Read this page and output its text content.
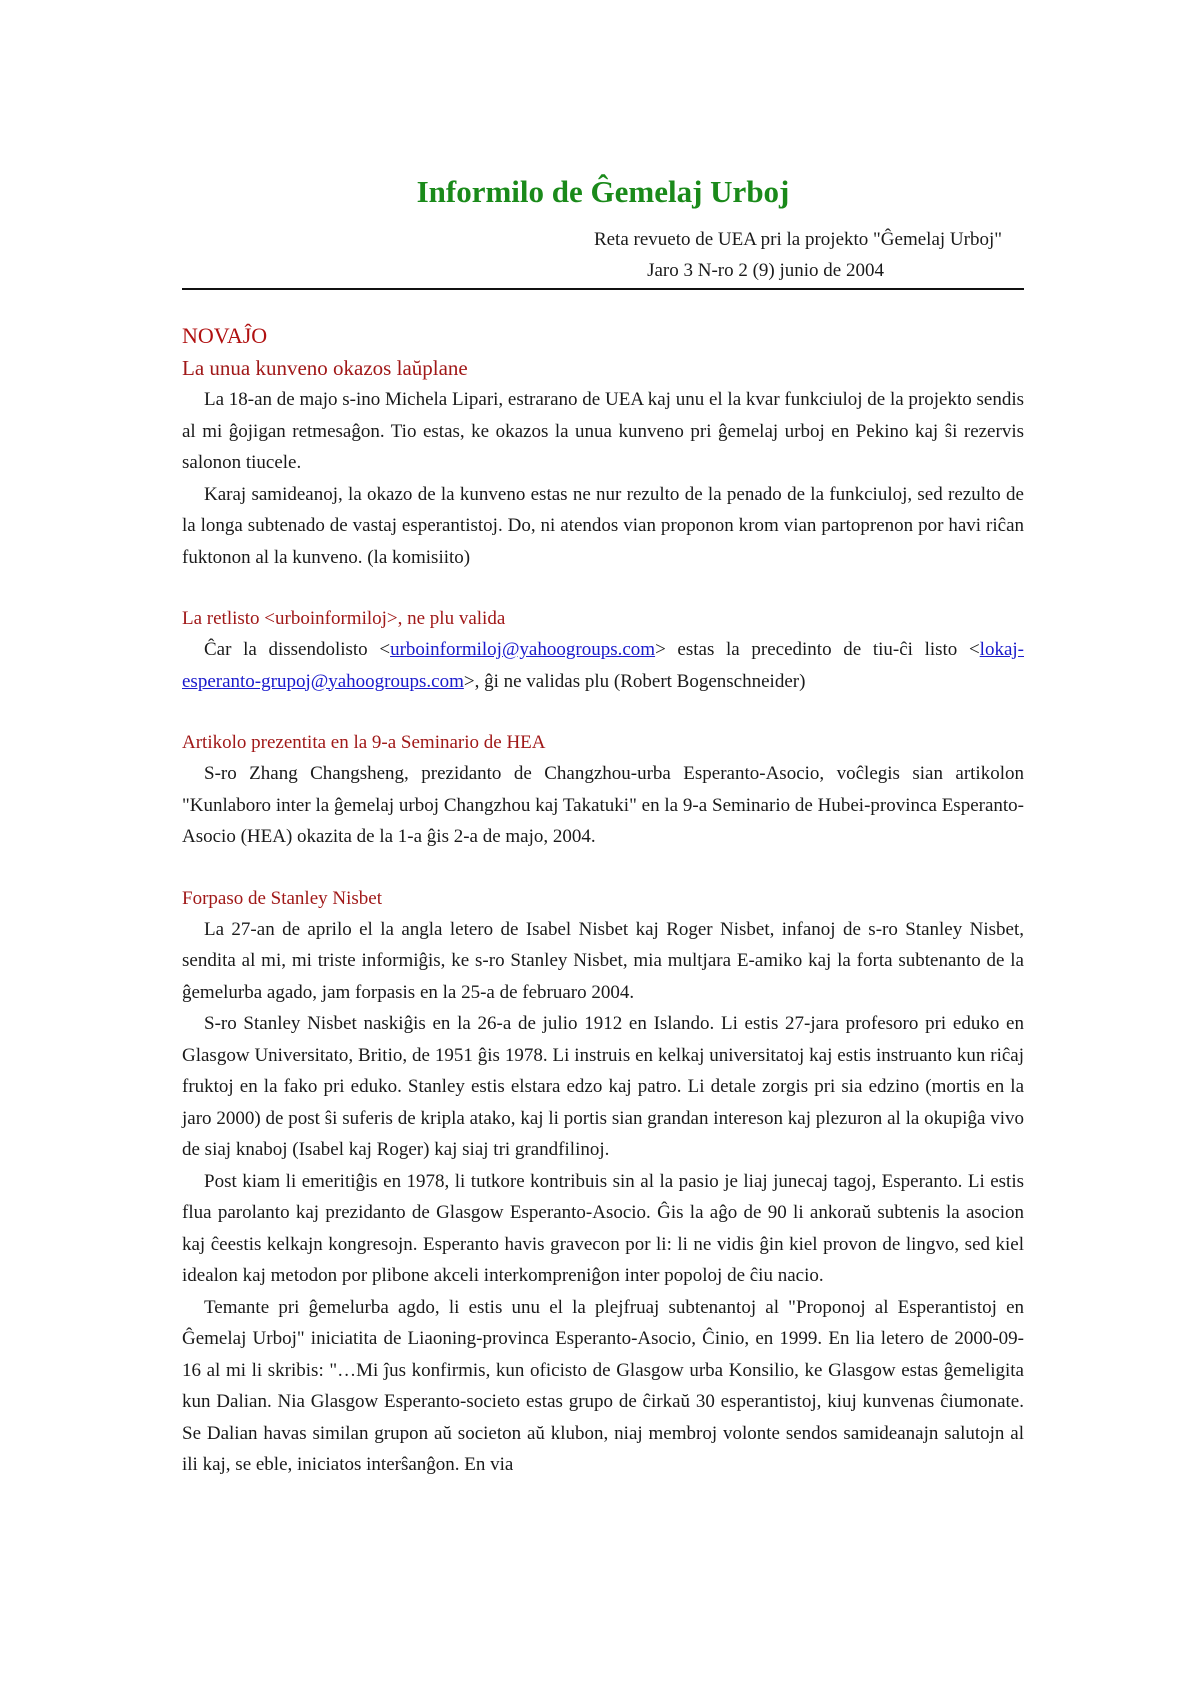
Informilo de Ĝemelaj Urboj
Reta revueto de UEA pri la projekto "Ĝemelaj Urboj"
Jaro 3 N-ro 2 (9) junio de 2004
NOVAĴO
La unua kunveno okazos laŭplane

La 18-an de majo s-ino Michela Lipari, estrarano de UEA kaj unu el la kvar funkciuloj de la projekto sendis al mi ĝojigan retmesaĝon. Tio estas, ke okazos la unua kunveno pri ĝemelaj urboj en Pekino kaj ŝi rezervis salonon tiucele.

Karaj samideanoj, la okazo de la kunveno estas ne nur rezulto de la penado de la funkciuloj, sed rezulto de la longa subtenado de vastaj esperantistoj. Do, ni atendos vian proponon krom vian partoprenon por havi riĉan fuktonon al la kunveno. (la komisiito)

La retlisto <urboinformiloj>, ne plu valida

Ĉar la dissendolisto <urboinformiloj@yahoogroups.com> estas la precedinto de tiu-ĉi listo <lokaj-esperanto-grupoj@yahoogroups.com>, ĝi ne validas plu (Robert Bogenschneider)

Artikolo prezentita en la 9-a Seminario de HEA

S-ro Zhang Changsheng, prezidanto de Changzhou-urba Esperanto-Asocio, voĉlegis sian artikolon "Kunlaboro inter la ĝemelaj urboj Changzhou kaj Takatuki" en la 9-a Seminario de Hubei-provinca Esperanto-Asocio (HEA) okazita de la 1-a ĝis 2-a de majo, 2004.

Forpaso de Stanley Nisbet

La 27-an de aprilo el la angla letero de Isabel Nisbet kaj Roger Nisbet, infanoj de s-ro Stanley Nisbet, sendita al mi, mi triste informiĝis, ke s-ro Stanley Nisbet, mia multjara E-amiko kaj la forta subtenanto de la ĝemelurba agado, jam forpasis en la 25-a de februaro 2004.

S-ro Stanley Nisbet naskiĝis en la 26-a de julio 1912 en Islando. Li estis 27-jara profesoro pri eduko en Glasgow Universitato, Britio, de 1951 ĝis 1978. Li instruis en kelkaj universitatoj kaj estis instruanto kun riĉaj fruktoj en la fako pri eduko. Stanley estis elstara edzo kaj patro. Li detale zorgis pri sia edzino (mortis en la jaro 2000) de post ŝi suferis de kripla atako, kaj li portis sian grandan intereson kaj plezuron al la okupiĝa vivo de siaj knaboj (Isabel kaj Roger) kaj siaj tri grandfilinoj.

Post kiam li emeritiĝis en 1978, li tutkore kontribuis sin al la pasio je liaj junecaj tagoj, Esperanto. Li estis flua parolanto kaj prezidanto de Glasgow Esperanto-Asocio. Ĝis la aĝo de 90 li ankoraŭ subtenis la asocion kaj ĉeestis kelkajn kongresojn. Esperanto havis gravecon por li: li ne vidis ĝin kiel provon de lingvo, sed kiel idealon kaj metodon por plibone akceli interkompreniĝon inter popoloj de ĉiu nacio.

Temante pri ĝemelurba agdo, li estis unu el la plejfruaj subtenantoj al "Proponoj al Esperantistoj en Ĝemelaj Urboj" iniciatita de Liaoning-provinca Esperanto-Asocio, Ĉinio, en 1999. En lia letero de 2000-09-16 al mi li skribis: "…Mi ĵus konfirmis, kun oficisto de Glasgow urba Konsilio, ke Glasgow estas ĝemeligita kun Dalian. Nia Glasgow Esperanto-societo estas grupo de ĉirkaŭ 30 esperantistoj, kiuj kunvenas ĉiumonate. Se Dalian havas similan grupon aŭ societon aŭ klubon, niaj membroj volonte sendos samideanajn salutojn al ili kaj, se eble, iniciatos interŝanĝon. En via
